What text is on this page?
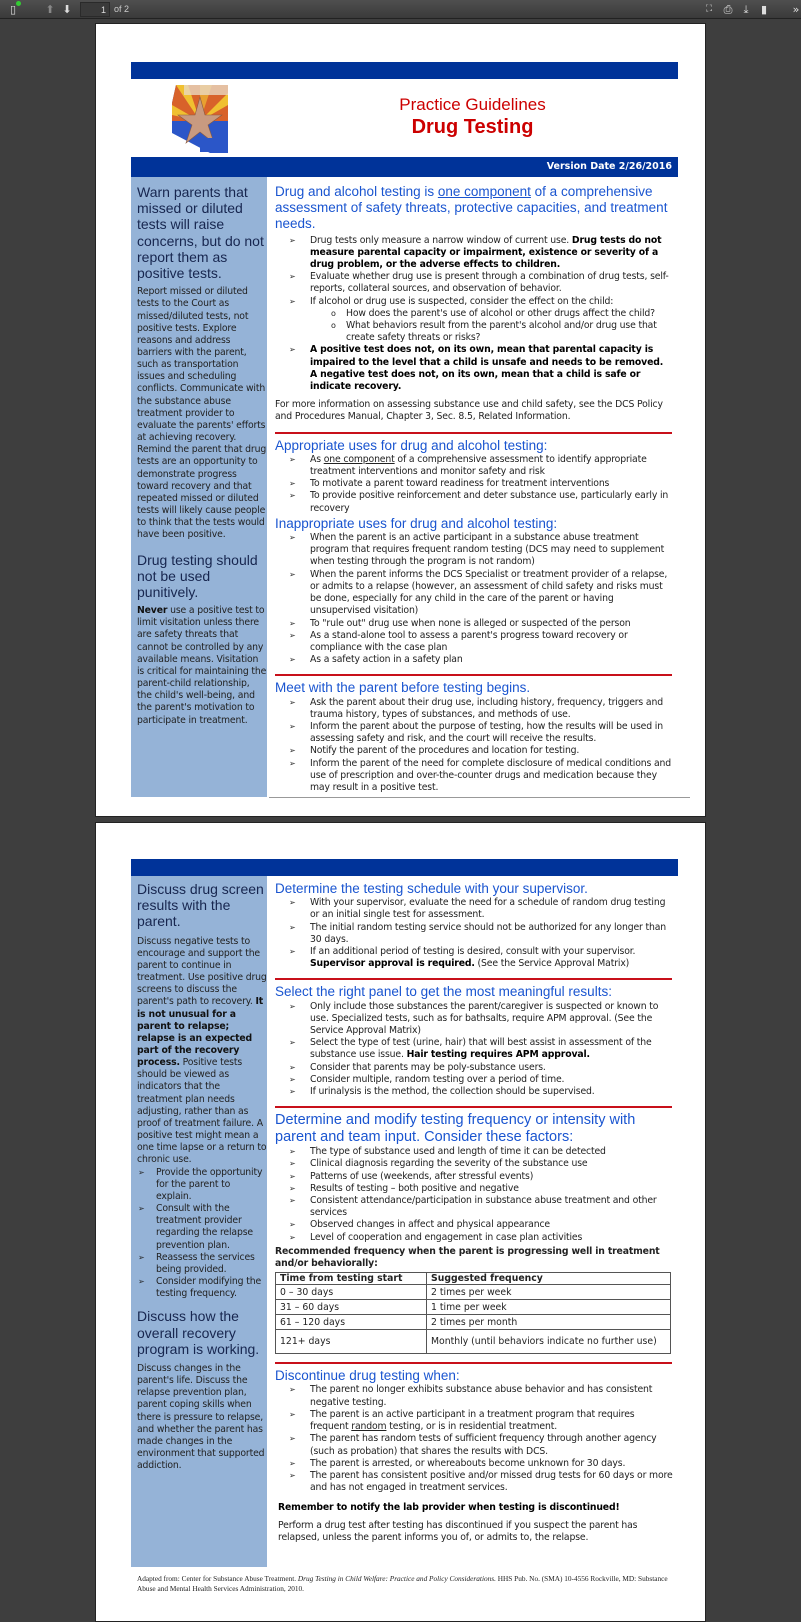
Practice Guidelines
Drug Testing
Version Date 2/26/2016
Warn parents that missed or diluted tests will raise concerns, but do not report them as positive tests.
Report missed or diluted tests to the Court as missed/diluted tests, not positive tests. Explore reasons and address barriers with the parent, such as transportation issues and scheduling conflicts. Communicate with the substance abuse treatment provider to evaluate the parents' efforts at achieving recovery. Remind the parent that drug tests are an opportunity to demonstrate progress toward recovery and that repeated missed or diluted tests will likely cause people to think that the tests would have been positive.
Drug testing should not be used punitively.
Never use a positive test to limit visitation unless there are safety threats that cannot be controlled by any available means. Visitation is critical for maintaining the parent-child relationship, the child's well-being, and the parent's motivation to participate in treatment.
Drug and alcohol testing is one component of a comprehensive assessment of safety threats, protective capacities, and treatment needs.
➢ Drug tests only measure a narrow window of current use. Drug tests do not measure parental capacity or impairment, existence or severity of a drug problem, or the adverse effects to children.
➢ Evaluate whether drug use is present through a combination of drug tests, self-reports, collateral sources, and observation of behavior.
➢ If alcohol or drug use is suspected, consider the effect on the child:
o How does the parent's use of alcohol or other drugs affect the child?
o What behaviors result from the parent's alcohol and/or drug use that create safety threats or risks?
➢ A positive test does not, on its own, mean that parental capacity is impaired to the level that a child is unsafe and needs to be removed. A negative test does not, on its own, mean that a child is safe or indicate recovery.
For more information on assessing substance use and child safety, see the DCS Policy and Procedures Manual, Chapter 3, Sec. 8.5, Related Information.
Appropriate uses for drug and alcohol testing:
➢ As one component of a comprehensive assessment to identify appropriate treatment interventions and monitor safety and risk
➢ To motivate a parent toward readiness for treatment interventions
➢ To provide positive reinforcement and deter substance use, particularly early in recovery
Inappropriate uses for drug and alcohol testing:
➢ When the parent is an active participant in a substance abuse treatment program that requires frequent random testing (DCS may need to supplement when testing through the program is not random)
➢ When the parent informs the DCS Specialist or treatment provider of a relapse, or admits to a relapse (however, an assessment of child safety and risks must be done, especially for any child in the care of the parent or having unsupervised visitation)
➢ To "rule out" drug use when none is alleged or suspected of the person
➢ As a stand-alone tool to assess a parent's progress toward recovery or compliance with the case plan
➢ As a safety action in a safety plan
Meet with the parent before testing begins.
➢ Ask the parent about their drug use, including history, frequency, triggers and trauma history, types of substances, and methods of use.
➢ Inform the parent about the purpose of testing, how the results will be used in assessing safety and risk, and the court will receive the results.
➢ Notify the parent of the procedures and location for testing.
➢ Inform the parent of the need for complete disclosure of medical conditions and use of prescription and over-the-counter drugs and medication because they may result in a positive test.
Discuss drug screen results with the parent.
Discuss negative tests to encourage and support the parent to continue in treatment. Use positive drug screens to discuss the parent's path to recovery. It is not unusual for a parent to relapse; relapse is an expected part of the recovery process. Positive tests should be viewed as indicators that the treatment plan needs adjusting, rather than as proof of treatment failure. A positive test might mean a one time lapse or a return to chronic use.
➢ Provide the opportunity for the parent to explain.
➢ Consult with the treatment provider regarding the relapse prevention plan.
➢ Reassess the services being provided.
➢ Consider modifying the testing frequency.
Discuss how the overall recovery program is working.
Discuss changes in the parent's life. Discuss the relapse prevention plan, parent coping skills when there is pressure to relapse, and whether the parent has made changes in the environment that supported addiction.
Determine the testing schedule with your supervisor.
➢ With your supervisor, evaluate the need for a schedule of random drug testing or an initial single test for assessment.
➢ The initial random testing service should not be authorized for any longer than 30 days.
➢ If an additional period of testing is desired, consult with your supervisor.
Supervisor approval is required. (See the Service Approval Matrix)
Select the right panel to get the most meaningful results:
➢ Only include those substances the parent/caregiver is suspected or known to use. Specialized tests, such as for bathsalts, require APM approval. (See the Service Approval Matrix)
➢ Select the type of test (urine, hair) that will best assist in assessment of the substance use issue. Hair testing requires APM approval.
➢ Consider that parents may be poly-substance users.
➢ Consider multiple, random testing over a period of time.
➢ If urinalysis is the method, the collection should be supervised.
Determine and modify testing frequency or intensity with parent and team input. Consider these factors:
➢ The type of substance used and length of time it can be detected
➢ Clinical diagnosis regarding the severity of the substance use
➢ Patterns of use (weekends, after stressful events)
➢ Results of testing – both positive and negative
➢ Consistent attendance/participation in substance abuse treatment and other services
➢ Observed changes in affect and physical appearance
➢ Level of cooperation and engagement in case plan activities
Recommended frequency when the parent is progressing well in treatment and/or behaviorally:
Time from testing start	Suggested frequency
0 – 30 days	2 times per week
31 – 60 days	1 time per week
61 – 120 days	2 times per month
121+ days	Monthly (until behaviors indicate no further use)
Discontinue drug testing when:
➢ The parent no longer exhibits substance abuse behavior and has consistent negative testing.
➢ The parent is an active participant in a treatment program that requires frequent random testing, or is in residential treatment.
➢ The parent has random tests of sufficient frequency through another agency (such as probation) that shares the results with DCS.
➢ The parent is arrested, or whereabouts become unknown for 30 days.
➢ The parent has consistent positive and/or missed drug tests for 60 days or more and has not engaged in treatment services.
Remember to notify the lab provider when testing is discontinued!
Perform a drug test after testing has discontinued if you suspect the parent has relapsed, unless the parent informs you of, or admits to, the relapse.
Adapted from: Center for Substance Abuse Treatment. Drug Testing in Child Welfare: Practice and Policy Considerations. HHS Pub. No. (SMA) 10-4556 Rockville, MD: Substance Abuse and Mental Health Services Administration, 2010.
▯	⬆ ⬇
1	of 2	⛶ ⎙	⤓	▮ »
